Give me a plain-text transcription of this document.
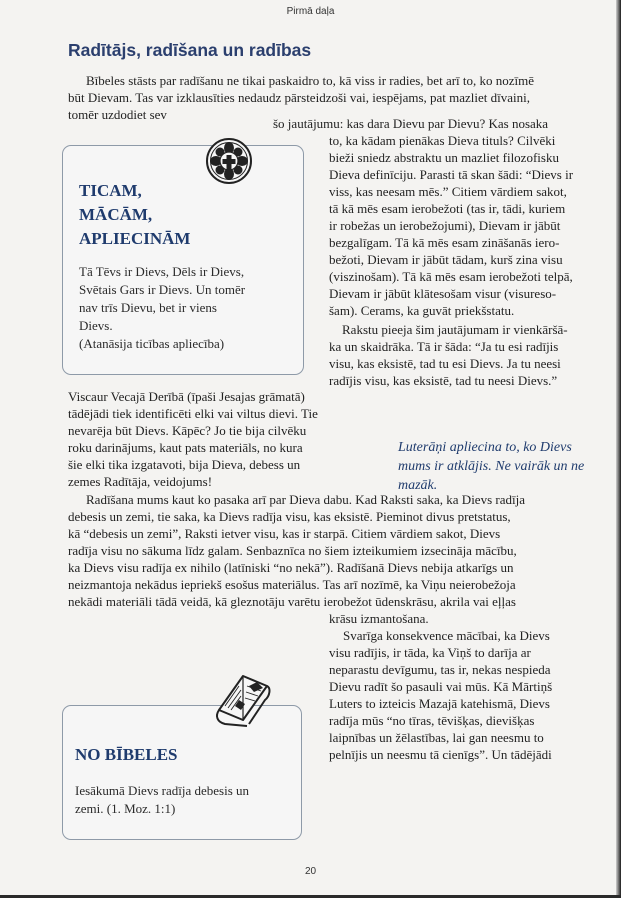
Pirmā daļa
Radītājs, radīšana un radības
Bībeles stāsts par radīšanu ne tikai paskaidro to, kā viss ir radies, bet arī to, ko nozīmē
būt Dievam. Tas var izklausīties nedaudz pārsteidzoši vai, iespējams, pat mazliet dīvaini,
tomēr uzdodiet sev
šo jautājumu: kas dara Dievu par Dievu? Kas nosaka
to, ka kādam pienākas Dieva tituls? Cilvēki
bieži sniedz abstraktu un mazliet filozofisku
Dieva definīciju. Parasti tā skan šādi: “Dievs ir
viss, kas neesam mēs.” Citiem vārdiem sakot,
tā kā mēs esam ierobežoti (tas ir, tādi, kuriem
ir robežas un ierobežojumi), Dievam ir jābūt
bezgalīgam. Tā kā mēs esam zināšanās iero-
bežoti, Dievam ir jābūt tādam, kurš zina visu
(viszinošam). Tā kā mēs esam ierobežoti telpā,
Dievam ir jābūt klātesošam visur (visureso-
šam). Cerams, ka guvāt priekšstatu.
Rakstu pieeja šim jautājumam ir vienkāršā-
ka un skaidrāka. Tā ir šāda: “Ja tu esi radījis
visu, kas eksistē, tad tu esi Dievs. Ja tu neesi
radījis visu, kas eksistē, tad tu neesi Dievs.”
TICAM,
MĀCĀM,
APLIECINĀM
Tā Tēvs ir Dievs, Dēls ir Dievs,
Svētais Gars ir Dievs. Un tomēr
nav trīs Dievu, bet ir viens
Dievs.
(Atanāsija ticības apliecība)
Viscaur Vecajā Derībā (īpaši Jesajas grāmatā)
tādējādi tiek identificēti elki vai viltus dievi. Tie
nevarēja būt Dievs. Kāpēc? Jo tie bija cilvēku
roku darinājums, kaut pats materiāls, no kura
šie elki tika izgatavoti, bija Dieva, debess un
zemes Radītāja, veidojums!
Luterāņi apliecina to, ko Dievs
mums ir atklājis. Ne vairāk un ne
mazāk.
Radīšana mums kaut ko pasaka arī par Dieva dabu. Kad Raksti saka, ka Dievs radīja
debesis un zemi, tie saka, ka Dievs radīja visu, kas eksistē. Pieminot divus pretstatus,
kā “debesis un zemi”, Raksti ietver visu, kas ir starpā. Citiem vārdiem sakot, Dievs
radīja visu no sākuma līdz galam. Senbaznīca no šiem izteikumiem izsecināja mācību,
ka Dievs visu radīja ex nihilo (latīniski “no nekā”). Radīšanā Dievs nebija atkarīgs un
neizmantoja nekādus iepriekš esošus materiālus. Tas arī nozīmē, ka Viņu neierobežoja
nekādi materiāli tādā veidā, kā gleznotāju varētu ierobežot ūdenskrāsu, akrila vai eļļas
krāsu izmantošana.
Svarīga konsekvence mācībai, ka Dievs
visu radījis, ir tāda, ka Viņš to darīja ar
neparastu devīgumu, tas ir, nekas nespieda
Dievu radīt šo pasauli vai mūs. Kā Mārtiņš
Luters to izteicis Mazajā katehismā, Dievs
radīja mūs “no tīras, tēvišķas, dievišķas
laipnības un žēlastības, lai gan neesmu to
pelnījis un neesmu tā cienīgs”. Un tādējādi
NO BĪBELES
Iesākumā Dievs radīja debesis un
zemi. (1. Moz. 1:1)
20
